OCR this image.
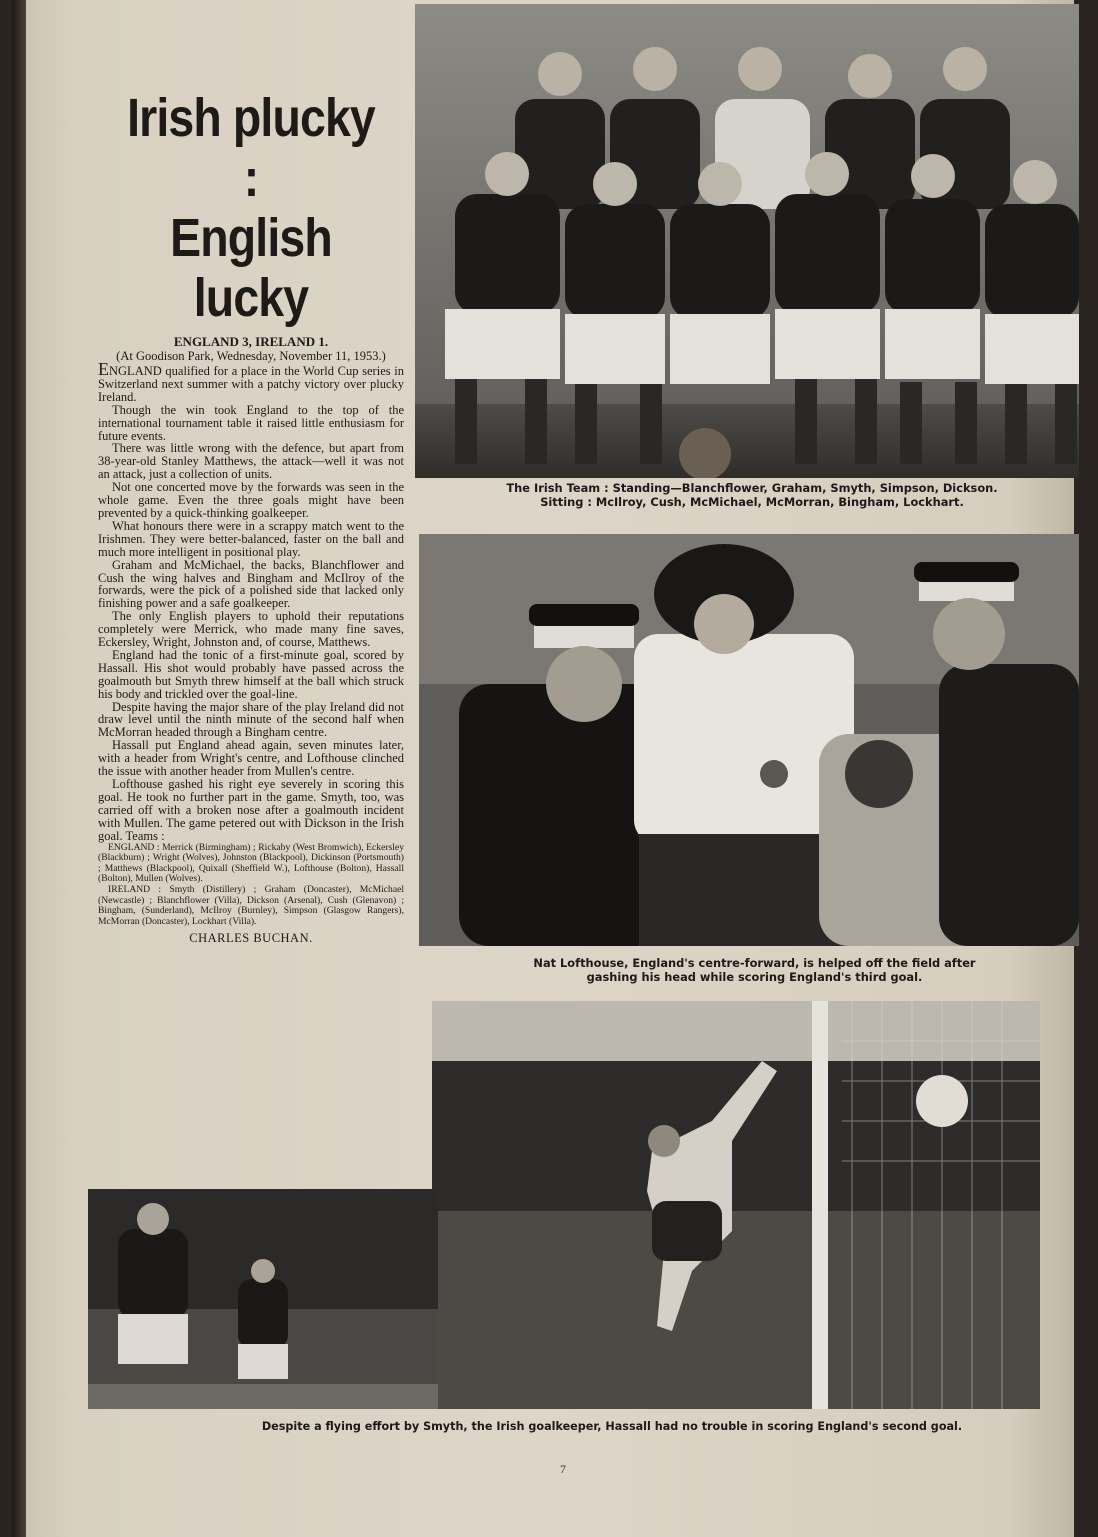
Irish plucky :
English lucky
ENGLAND 3, IRELAND 1.
(At Goodison Park, Wednesday, November 11, 1953.)

ENGLAND qualified for a place in the World Cup series in Switzerland next summer with a patchy victory over plucky Ireland.

Though the win took England to the top of the international tournament table it raised little enthusiasm for future events.

There was little wrong with the defence, but apart from 38-year-old Stanley Matthews, the attack—well it was not an attack, just a collection of units.

Not one concerted move by the forwards was seen in the whole game. Even the three goals might have been prevented by a quick-thinking goalkeeper.

What honours there were in a scrappy match went to the Irishmen. They were better-balanced, faster on the ball and much more intelligent in positional play.

Graham and McMichael, the backs, Blanchflower and Cush the wing halves and Bingham and McIlroy of the forwards, were the pick of a polished side that lacked only finishing power and a safe goalkeeper.

The only English players to uphold their reputations completely were Merrick, who made many fine saves, Eckersley, Wright, Johnston and, of course, Matthews.

England had the tonic of a first-minute goal, scored by Hassall. His shot would probably have passed across the goalmouth but Smyth threw himself at the ball which struck his body and trickled over the goal-line.

Despite having the major share of the play Ireland did not draw level until the ninth minute of the second half when McMorran headed through a Bingham centre.

Hassall put England ahead again, seven minutes later, with a header from Wright's centre, and Lofthouse clinched the issue with another header from Mullen's centre.

Lofthouse gashed his right eye severely in scoring this goal. He took no further part in the game. Smyth, too, was carried off with a broken nose after a goalmouth incident with Mullen. The game petered out with Dickson in the Irish goal. Teams :

ENGLAND : Merrick (Birmingham) ; Rickaby (West Bromwich), Eckersley (Blackburn) ; Wright (Wolves), Johnston (Blackpool), Dickinson (Portsmouth) ; Matthews (Blackpool), Quixall (Sheffield W.), Lofthouse (Bolton), Hassall (Bolton), Mullen (Wolves).

IRELAND : Smyth (Distillery) ; Graham (Doncaster), McMichael (Newcastle) ; Blanchflower (Villa), Dickson (Arsenal), Cush (Glenavon) ; Bingham, (Sunderland), McIlroy (Burnley), Simpson (Glasgow Rangers), McMorran (Doncaster), Lockhart (Villa).

CHARLES BUCHAN.
The Irish Team : Standing—Blanchflower, Graham, Smyth, Simpson, Dickson.
Sitting : McIlroy, Cush, McMichael, McMorran, Bingham, Lockhart.
Nat Lofthouse, England's centre-forward, is helped off the field after gashing his head while scoring England's third goal.
Despite a flying effort by Smyth, the Irish goalkeeper, Hassall had no trouble in scoring England's second goal.
7
